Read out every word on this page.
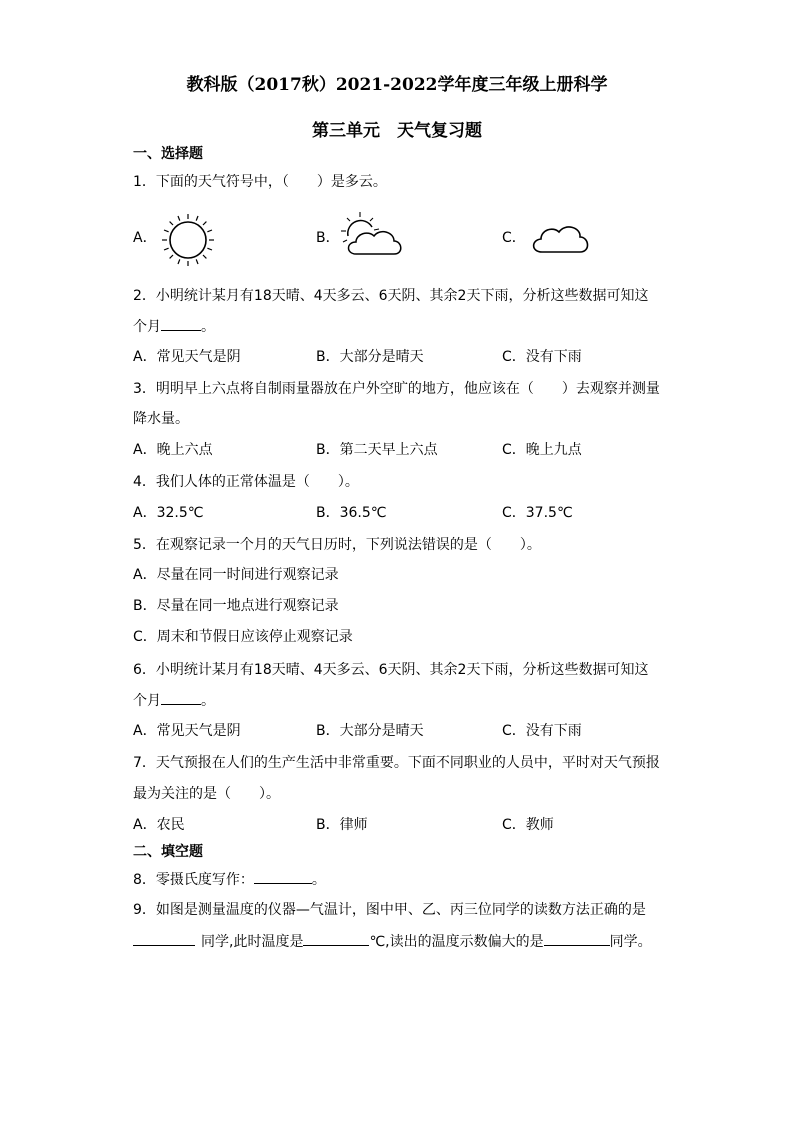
教科版（2017秋）2021-2022学年度三年级上册科学
第三单元　天气复习题
一、选择题
1．下面的天气符号中，（　　）是多云。
A．	B．	C．
2．小明统计某月有18天晴、4天多云、6天阴、其余2天下雨，分析这些数据可知这
个月	。
A．常见天气是阴	B．大部分是晴天	C．没有下雨
3．明明早上六点将自制雨量器放在户外空旷的地方，他应该在（　　）去观察并测量
降水量。
A．晚上六点	B．第二天早上六点	C．晚上九点
4．我们人体的正常体温是（　　）。
A．32.5℃	B．36.5℃	C．37.5℃
5．在观察记录一个月的天气日历时，下列说法错误的是（　　）。
A．尽量在同一时间进行观察记录
B．尽量在同一地点进行观察记录
C．周末和节假日应该停止观察记录
6．小明统计某月有18天晴、4天多云、6天阴、其余2天下雨，分析这些数据可知这
个月	。
A．常见天气是阴	B．大部分是晴天	C．没有下雨
7．天气预报在人们的生产生活中非常重要。下面不同职业的人员中，平时对天气预报
最为关注的是（　　）。
A．农民	B．律师	C．教师
二、填空题
8．零摄氏度写作：	。
9．如图是测量温度的仪器—气温计，图中甲、乙、丙三位同学的读数方法正确的是
同学,此时温度是	℃,读出的温度示数偏大的是	同学。
